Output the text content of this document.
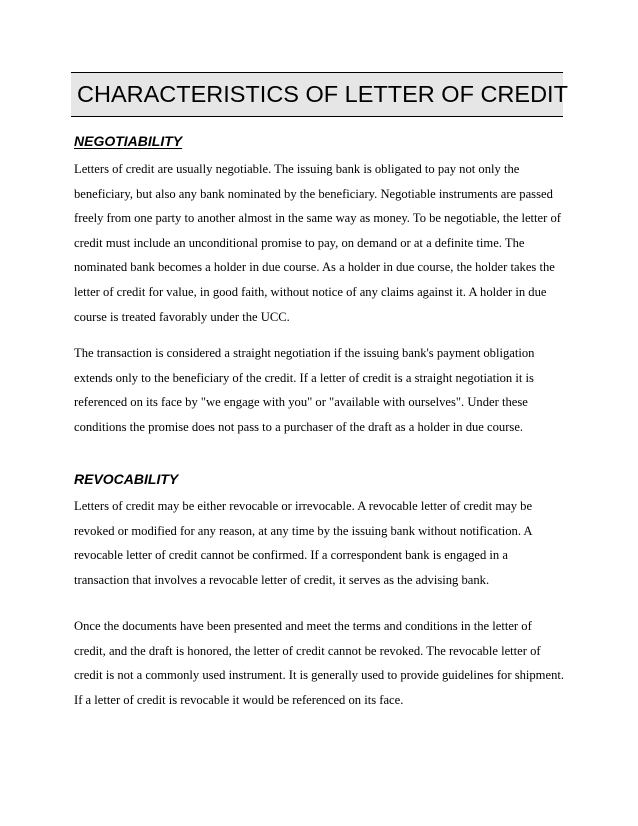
CHARACTERISTICS OF LETTER OF CREDIT
NEGOTIABILITY

Letters of credit are usually negotiable. The issuing bank is obligated to pay not only the beneficiary, but also any bank nominated by the beneficiary. Negotiable instruments are passed freely from one party to another almost in the same way as money. To be negotiable, the letter of credit must include an unconditional promise to pay, on demand or at a definite time. The nominated bank becomes a holder in due course. As a holder in due course, the holder takes the letter of credit for value, in good faith, without notice of any claims against it. A holder in due course is treated favorably under the UCC.

The transaction is considered a straight negotiation if the issuing bank's payment obligation extends only to the beneficiary of the credit. If a letter of credit is a straight negotiation it is referenced on its face by "we engage with you" or "available with ourselves". Under these conditions the promise does not pass to a purchaser of the draft as a holder in due course.

REVOCABILITY

Letters of credit may be either revocable or irrevocable. A revocable letter of credit may be revoked or modified for any reason, at any time by the issuing bank without notification. A revocable letter of credit cannot be confirmed. If a correspondent bank is engaged in a transaction that involves a revocable letter of credit, it serves as the advising bank.

Once the documents have been presented and meet the terms and conditions in the letter of credit, and the draft is honored, the letter of credit cannot be revoked. The revocable letter of credit is not a commonly used instrument. It is generally used to provide guidelines for shipment. If a letter of credit is revocable it would be referenced on its face.
